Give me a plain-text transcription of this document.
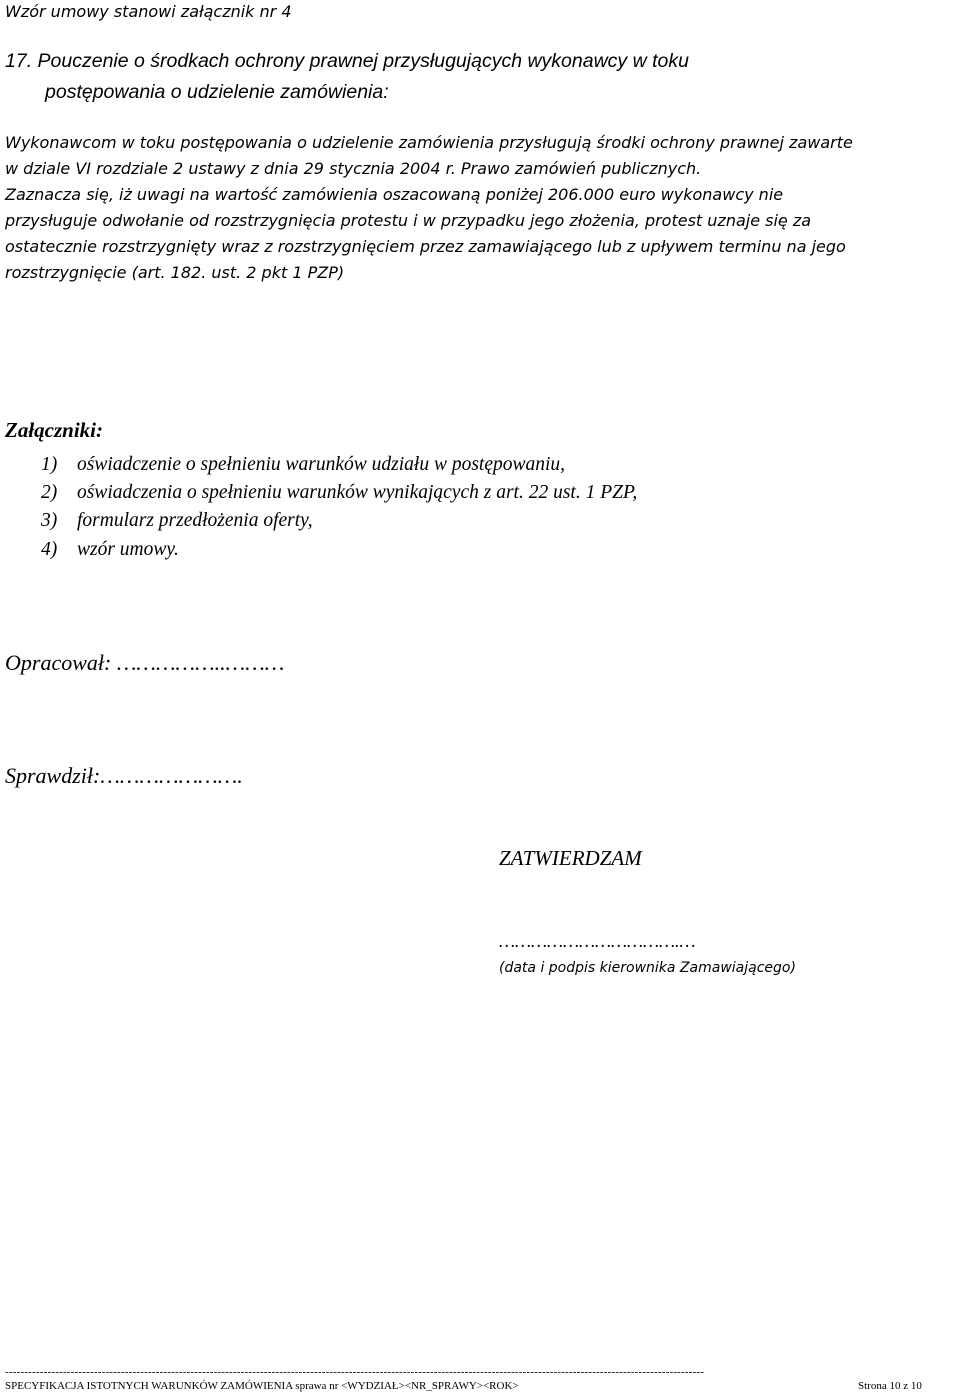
Wzór umowy stanowi załącznik nr 4
17. Pouczenie o środkach ochrony prawnej przysługujących wykonawcy w toku
postępowania o udzielenie zamówienia:
Wykonawcom w toku postępowania o udzielenie zamówienia przysługują środki ochrony prawnej zawarte
w dziale VI rozdziale 2 ustawy z dnia 29 stycznia 2004 r. Prawo zamówień publicznych.
Zaznacza się, iż uwagi na wartość zamówienia oszacowaną poniżej 206.000 euro wykonawcy nie
przysługuje odwołanie od rozstrzygnięcia protestu i w przypadku jego złożenia, protest uznaje się za
ostatecznie rozstrzygnięty wraz z rozstrzygnięciem przez zamawiającego lub z upływem terminu na jego
rozstrzygnięcie (art. 182. ust. 2 pkt 1 PZP)
Załączniki:
1) oświadczenie o spełnieniu warunków udziału w postępowaniu,
2) oświadczenia o spełnieniu warunków wynikających z art. 22 ust. 1 PZP,
3) formularz przedłożenia oferty,
4) wzór umowy.
Opracował: ……………..………
Sprawdził:………………….
ZATWIERDZAM
…………………………….…
(data i podpis kierownika Zamawiającego)
-------------------------------------------------------------------------------------------------------------------------------------------------------------------------------------
SPECYFIKACJA ISTOTNYCH WARUNKÓW ZAMÓWIENIA sprawa nr <WYDZIAŁ><NR_SPRAWY><ROK>	Strona 10 z 10
